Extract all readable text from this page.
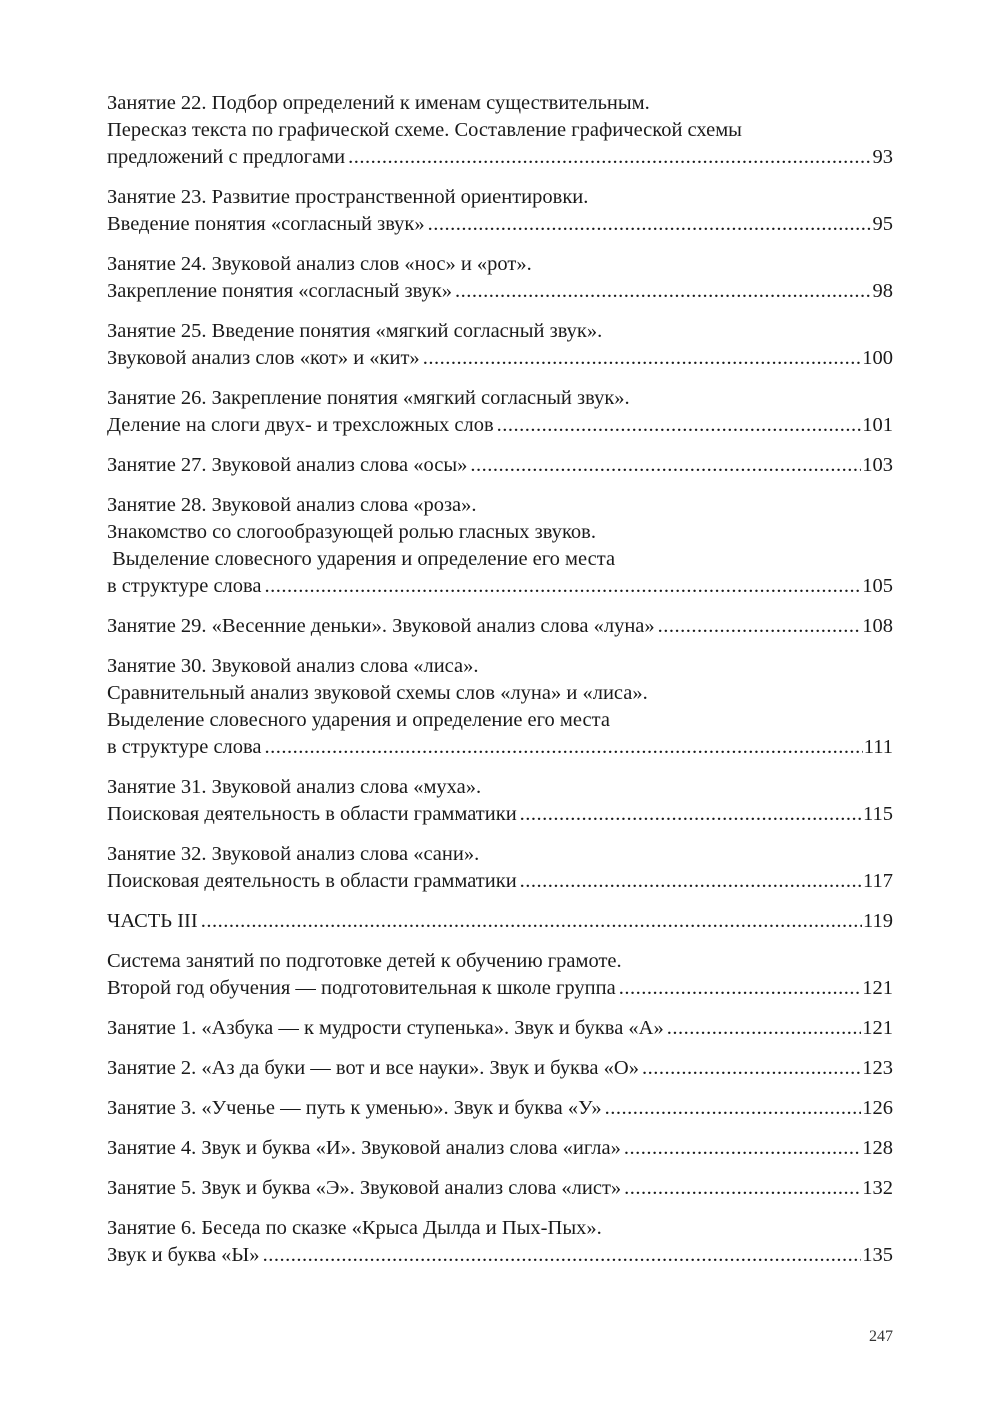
Занятие 22. Подбор определений к именам существительным.
Пересказ текста по графической схеме. Составление графической схемы
предложений с предлогами .....	93
Занятие 23. Развитие пространственной ориентировки.
Введение понятия «согласный звук» .....	95
Занятие 24. Звуковой анализ слов «нос» и «рот».
Закрепление понятия «согласный звук» .....	98
Занятие 25. Введение понятия «мягкий согласный звук».
Звуковой анализ слов «кот» и «кит» .....	100
Занятие 26. Закрепление понятия «мягкий согласный звук».
Деление на слоги двух- и трехсложных слов .....	101
Занятие 27. Звуковой анализ слова «осы» .....	103
Занятие 28. Звуковой анализ слова «роза».
Знакомство со слогообразующей ролью гласных звуков.
Выделение словесного ударения и определение его места
в структуре слова .....	105
Занятие 29. «Весенние деньки». Звуковой анализ слова «луна» .....	108
Занятие 30. Звуковой анализ слова «лиса».
Сравнительный анализ звуковой схемы слов «луна» и «лиса».
Выделение словесного ударения и определение его места
в структуре слова .....	111
Занятие 31. Звуковой анализ слова «муха».
Поисковая деятельность в области грамматики .....	115
Занятие 32. Звуковой анализ слова «сани».
Поисковая деятельность в области грамматики .....	117
ЧАСТЬ III .....	119
Система занятий по подготовке детей к обучению грамоте.
Второй год обучения — подготовительная к школе группа .....	121
Занятие 1. «Азбука — к мудрости ступенька». Звук и буква «А» .....	121
Занятие 2. «Аз да буки — вот и все науки». Звук и буква «О» .....	123
Занятие 3. «Ученье — путь к уменью». Звук и буква «У» .....	126
Занятие 4. Звук и буква «И». Звуковой анализ слова «игла» .....	128
Занятие 5. Звук и буква «Э». Звуковой анализ слова «лист» .....	132
Занятие 6. Беседа по сказке «Крыса Дылда и Пых-Пых».
Звук и буква «Ы» .....	135
247
